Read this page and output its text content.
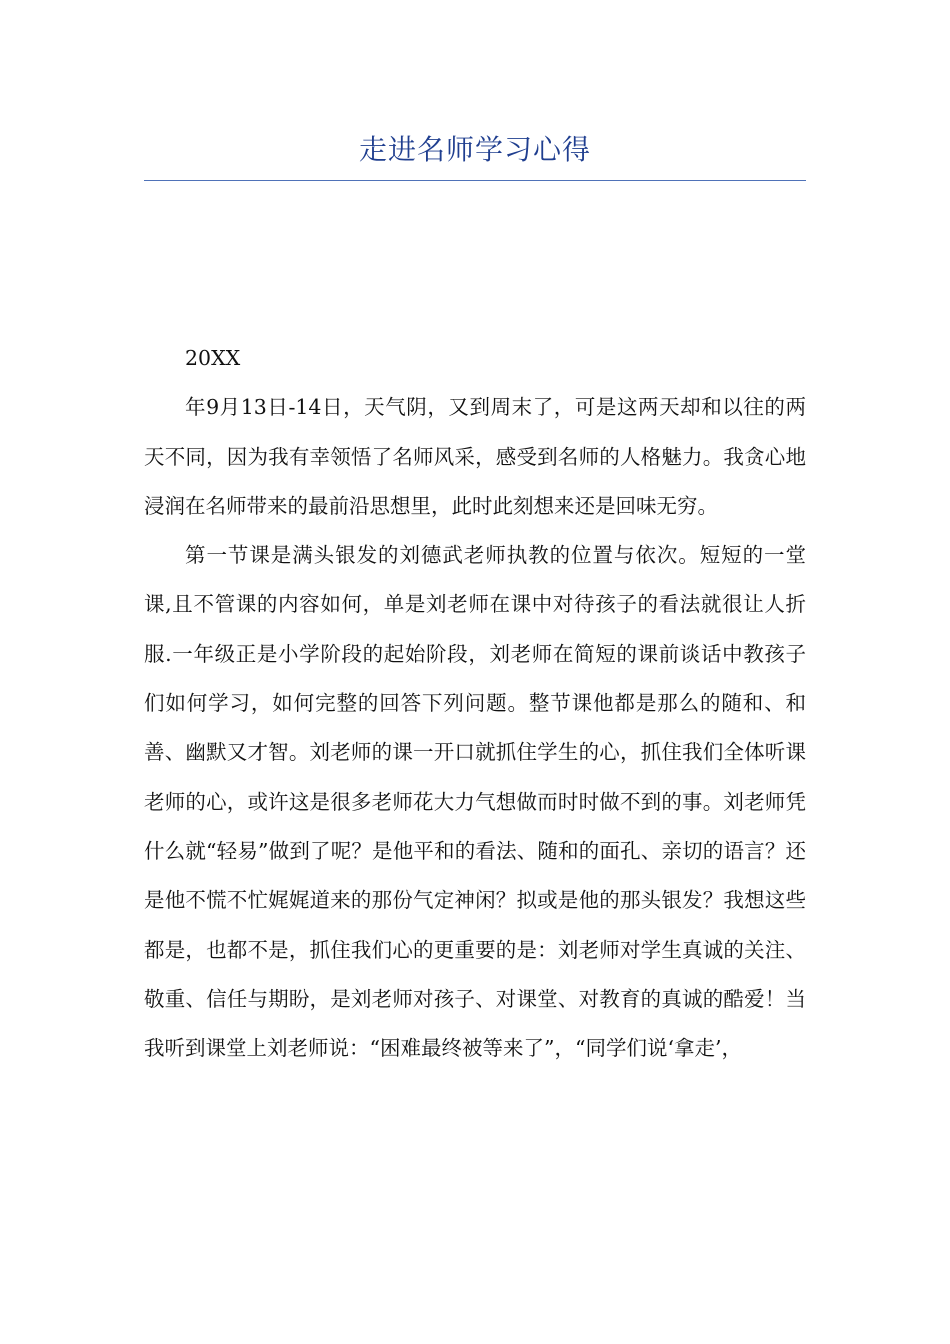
走进名师学习心得

20XX

年9月13日-14日，天气阴，又到周末了，可是这两天却和以往的两天不同，因为我有幸领悟了名师风采，感受到名师的人格魅力。我贪心地浸润在名师带来的最前沿思想里，此时此刻想来还是回味无穷。

第一节课是满头银发的刘德武老师执教的位置与依次。短短的一堂课,且不管课的内容如何，单是刘老师在课中对待孩子的看法就很让人折服.一年级正是小学阶段的起始阶段，刘老师在简短的课前谈话中教孩子们如何学习，如何完整的回答下列问题。整节课他都是那么的随和、和善、幽默又才智。刘老师的课一开口就抓住学生的心，抓住我们全体听课老师的心，或许这是很多老师花大力气想做而时时做不到的事。刘老师凭什么就“轻易”做到了呢？是他平和的看法、随和的面孔、亲切的语言？还是他不慌不忙娓娓道来的那份气定神闲？拟或是他的那头银发？我想这些都是，也都不是，抓住我们心的更重要的是：刘老师对学生真诚的关注、敬重、信任与期盼，是刘老师对孩子、对课堂、对教育的真诚的酷爱！当我听到课堂上刘老师说：“困难最终被等来了”，“同学们说‘拿走’，
